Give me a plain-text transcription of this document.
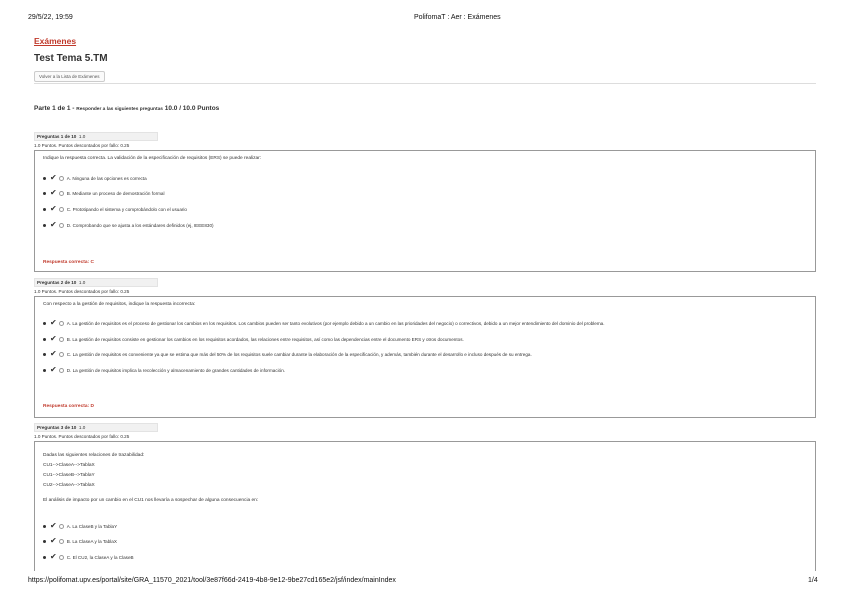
29/5/22, 19:59	PolifomaT : Aer : Exámenes
Exámenes
Test Tema 5.TM
Volver a la Lista de Exámenes
Parte 1 de 1 - Responder a las siguientes preguntas 10.0 / 10.0 Puntos
Preguntas 1 de 10 1.0
1.0 Puntos. Puntos descontados por fallo: 0.25
Indique la respuesta correcta. La validación de la especificación de requisitos (ERS) se puede realizar:
✔ A. Ninguna de las opciones es correcta
✔ B. Mediante un proceso de demostración formal
✔ C. Prototipando el sistema y comprobándolo con el usuario
✔ D. Comprobando que se ajusta a los estándares definidos (ej, IEEE830)
Respuesta correcta: C
Preguntas 2 de 10 1.0
1.0 Puntos. Puntos descontados por fallo: 0.25
Con respecto a la gestión de requisitos, indique la respuesta incorrecta:
✔ A. La gestión de requisitos es el proceso de gestionar los cambios en los requisitos. Los cambios pueden ser tanto evolutivos (por ejemplo debido a un cambio en las prioridades del negocio) o correctivos, debido a un mejor entendimiento del dominio del problema.
✔ B. La gestión de requisitos consiste en gestionar los cambios en los requisitos acordados, las relaciones entre requisitos, así como las dependencias entre el documento ERS y otros documentos.
✔ C. La gestión de requisitos es conveniente ya que se estima que más del 50% de los requisitos suele cambiar durante la elaboración de la especificación, y además, también durante el desarrollo e incluso después de su entrega.
✔ D. La gestión de requisitos implica la recolección y almacenamiento de grandes cantidades de información.
Respuesta correcta: D
Preguntas 3 de 10 1.0
1.0 Puntos. Puntos descontados por fallo: 0.25
Dadas las siguientes relaciones de trazabilidad:
CU1-->ClaseA-->TablaX
CU1-->ClaseB-->TablaY
CU2-->ClaseA-->TablaX
El análisis de impacto por un cambio en el CU1 nos llevaría a sospechar de alguna consecuencia en:
✔ A. La ClaseB y la TablaY
✔ B. La ClaseA y la TablaX
✔ C. El CU2, la ClaseA y la ClaseB
https://polifomat.upv.es/portal/site/GRA_11570_2021/tool/3e87f66d-2419-4b8-9e12-9be27cd165e2/jsf/index/mainIndex	1/4
